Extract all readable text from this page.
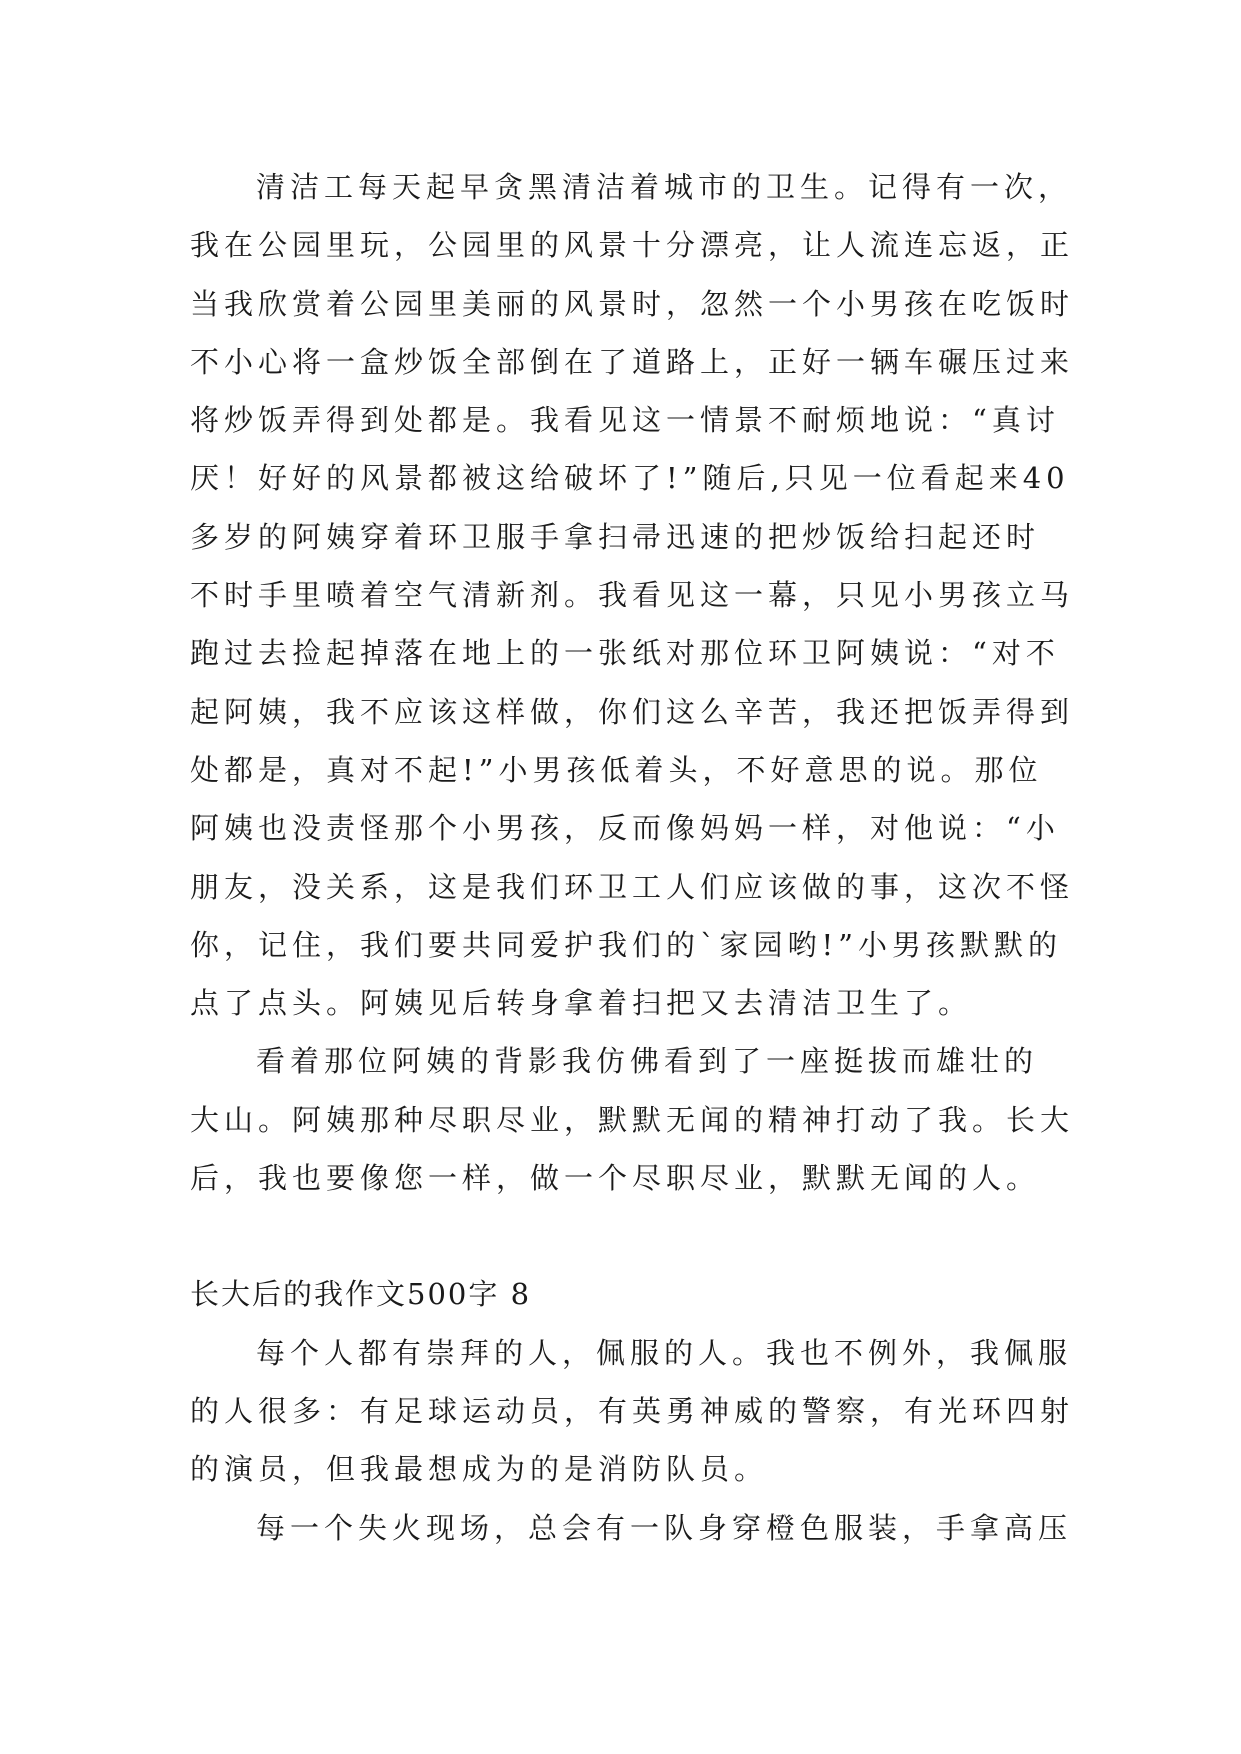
清洁工每天起早贪黑清洁着城市的卫生。记得有一次，
我在公园里玩，公园里的风景十分漂亮，让人流连忘返，正
当我欣赏着公园里美丽的风景时，忽然一个小男孩在吃饭时
不小心将一盒炒饭全部倒在了道路上，正好一辆车碾压过来
将炒饭弄得到处都是。我看见这一情景不耐烦地说：“真讨
厌！好好的风景都被这给破坏了!”随后,只见一位看起来40
多岁的阿姨穿着环卫服手拿扫帚迅速的把炒饭给扫起还时
不时手里喷着空气清新剂。我看见这一幕，只见小男孩立马
跑过去捡起掉落在地上的一张纸对那位环卫阿姨说：“对不
起阿姨，我不应该这样做，你们这么辛苦，我还把饭弄得到
处都是，真对不起!”小男孩低着头，不好意思的说。那位
阿姨也没责怪那个小男孩，反而像妈妈一样，对他说：“小
朋友，没关系，这是我们环卫工人们应该做的事，这次不怪
你，记住，我们要共同爱护我们的`家园哟!”小男孩默默的
点了点头。阿姨见后转身拿着扫把又去清洁卫生了。
看着那位阿姨的背影我仿佛看到了一座挺拔而雄壮的
大山。阿姨那种尽职尽业，默默无闻的精神打动了我。长大
后，我也要像您一样，做一个尽职尽业，默默无闻的人。
长大后的我作文500字 8
每个人都有崇拜的人，佩服的人。我也不例外，我佩服
的人很多：有足球运动员，有英勇神威的警察，有光环四射
的演员，但我最想成为的是消防队员。
每一个失火现场，总会有一队身穿橙色服装，手拿高压
